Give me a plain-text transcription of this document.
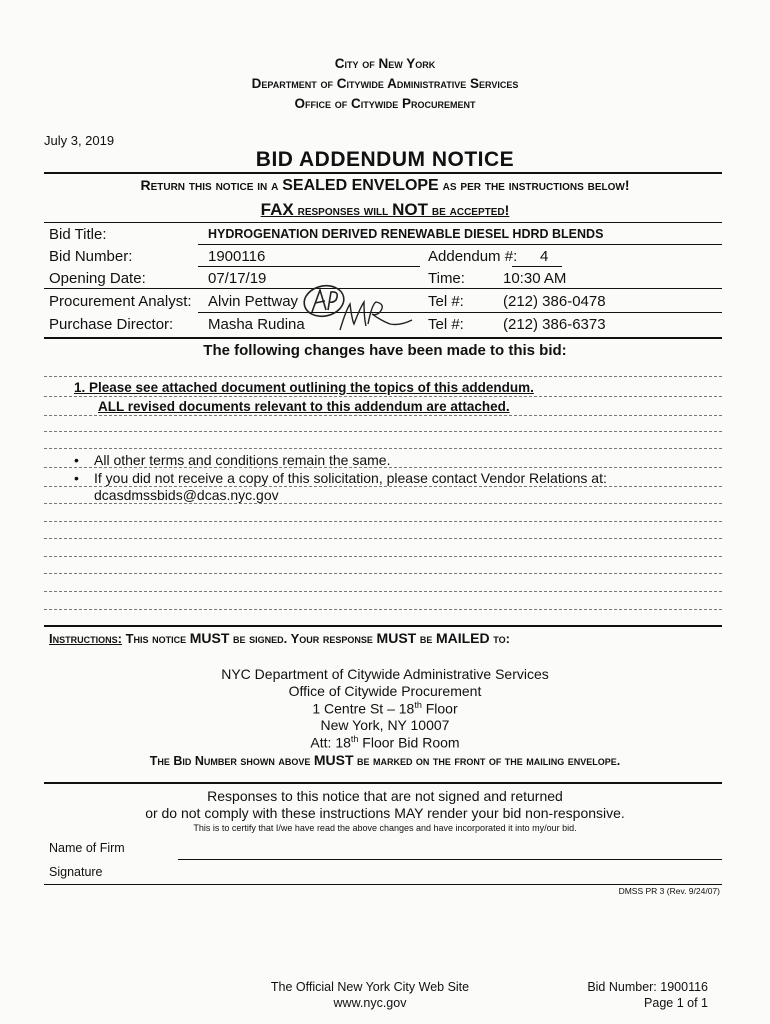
City of New York
Department of Citywide Administrative Services
Office of Citywide Procurement
July 3, 2019
BID ADDENDUM NOTICE
Return this notice in a SEALED ENVELOPE as per the instructions below!
FAX responses will NOT be accepted!
Bid Title:	HYDROGENATION DERIVED RENEWABLE DIESEL HDRD BLENDS
Bid Number:	1900116	Addendum #: 4
Opening Date:	07/17/19	Time:	10:30 AM
Procurement Analyst: Alvin Pettway	Tel #:	(212) 386-0478
Purchase Director: Masha Rudina	Tel #:	(212) 386-6373
The following changes have been made to this bid:
1. Please see attached document outlining the topics of this addendum.
ALL revised documents relevant to this addendum are attached.
• All other terms and conditions remain the same.
• If you did not receive a copy of this solicitation, please contact Vendor Relations at:
dcasdmssbids@dcas.nyc.gov
Instructions: This notice MUST be signed. Your response MUST be MAILED to:
NYC Department of Citywide Administrative Services
Office of Citywide Procurement
1 Centre St – 18th Floor
New York, NY 10007
Att: 18th Floor Bid Room
The Bid Number shown above MUST be marked on the front of the mailing envelope.
Responses to this notice that are not signed and returned
or do not comply with these instructions MAY render your bid non-responsive.
This is to certify that I/we have read the above changes and have incorporated it into my/our bid.
Name of Firm
Signature
DMSS PR 3 (Rev. 9/24/07)
The Official New York City Web Site
www.nyc.gov
Bid Number: 1900116
Page 1 of 1
